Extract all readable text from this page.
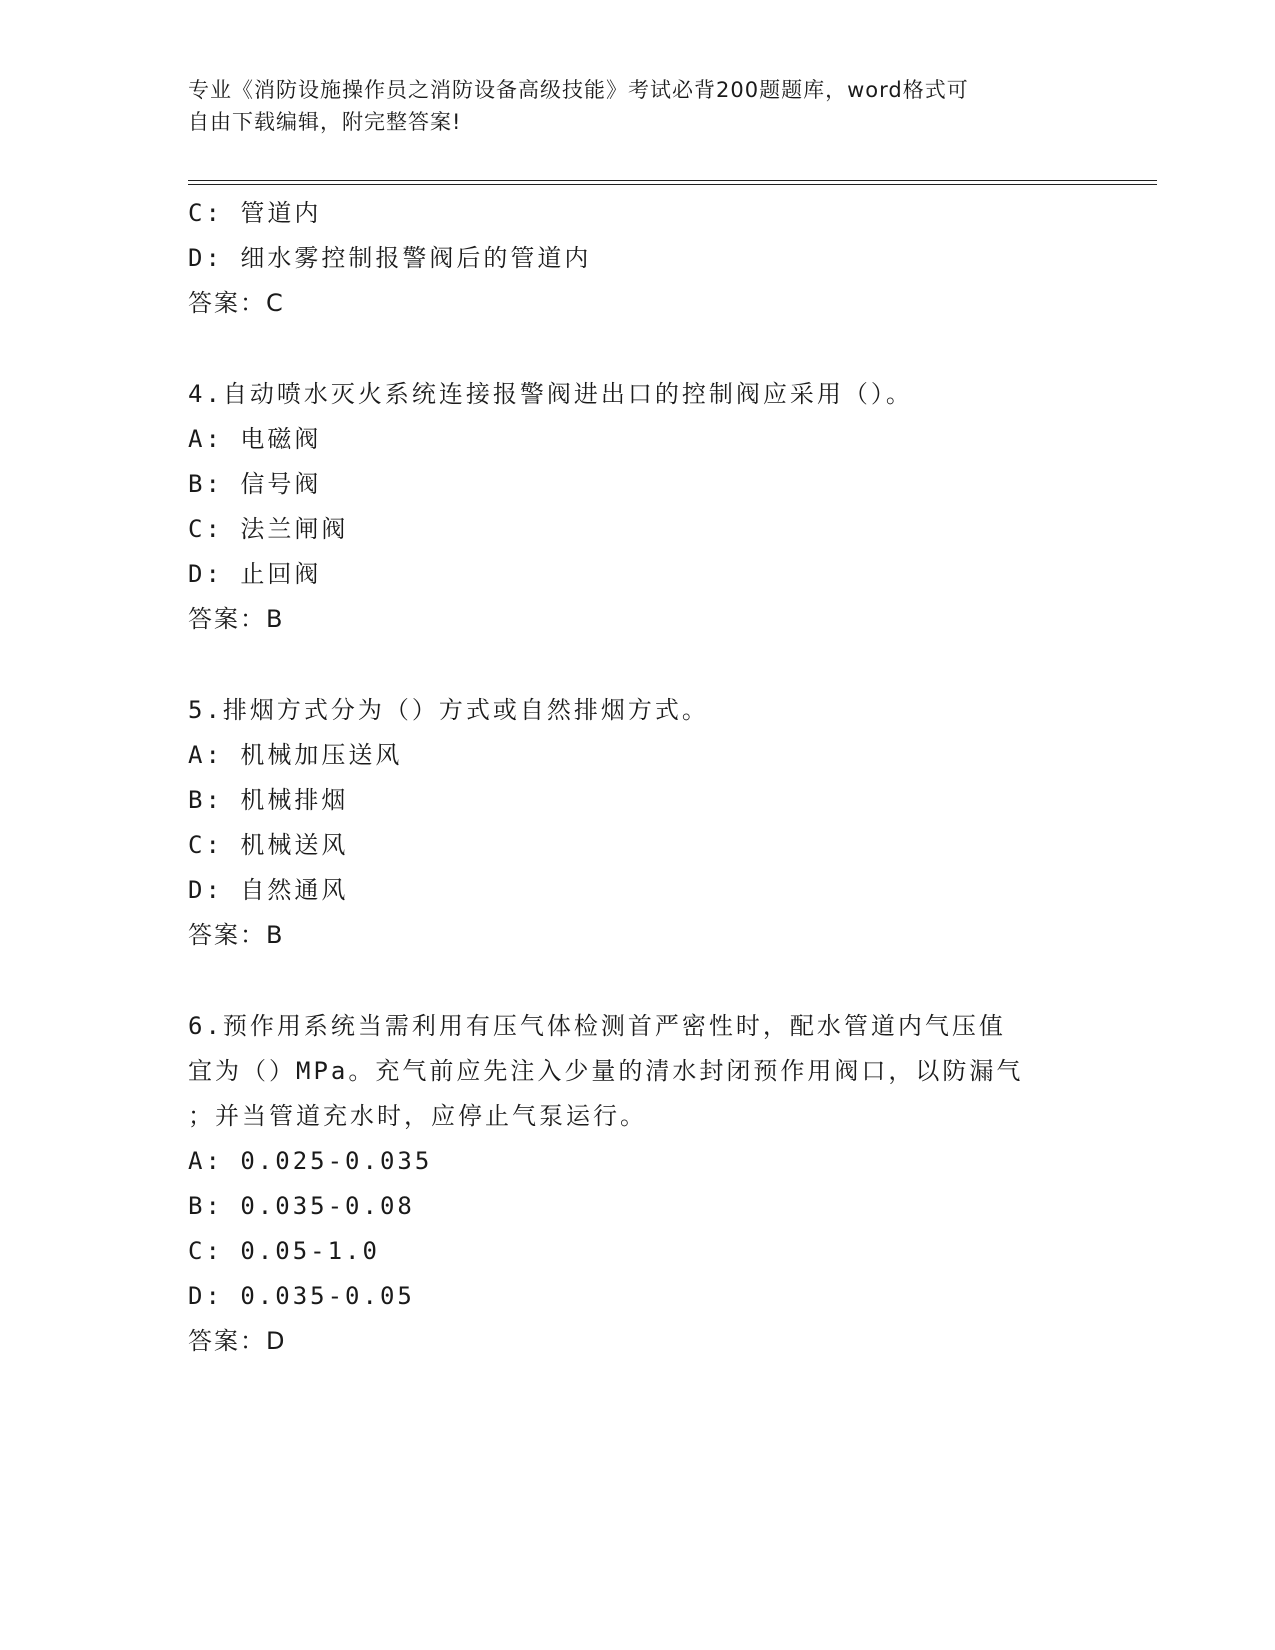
专业《消防设施操作员之消防设备高级技能》考试必背200题题库，word格式可
自由下载编辑，附完整答案!
C: 管道内
D: 细水雾控制报警阀后的管道内
答案：C
4.自动喷水灭火系统连接报警阀进出口的控制阀应采用（）。
A: 电磁阀
B: 信号阀
C: 法兰闸阀
D: 止回阀
答案：B
5.排烟方式分为（）方式或自然排烟方式。
A: 机械加压送风
B: 机械排烟
C: 机械送风
D: 自然通风
答案：B
6.预作用系统当需利用有压气体检测首严密性时，配水管道内气压值
宜为（）MPa。充气前应先注入少量的清水封闭预作用阀口，以防漏气
；并当管道充水时，应停止气泵运行。
A: 0.025-0.035
B: 0.035-0.08
C: 0.05-1.0
D: 0.035-0.05
答案：D
